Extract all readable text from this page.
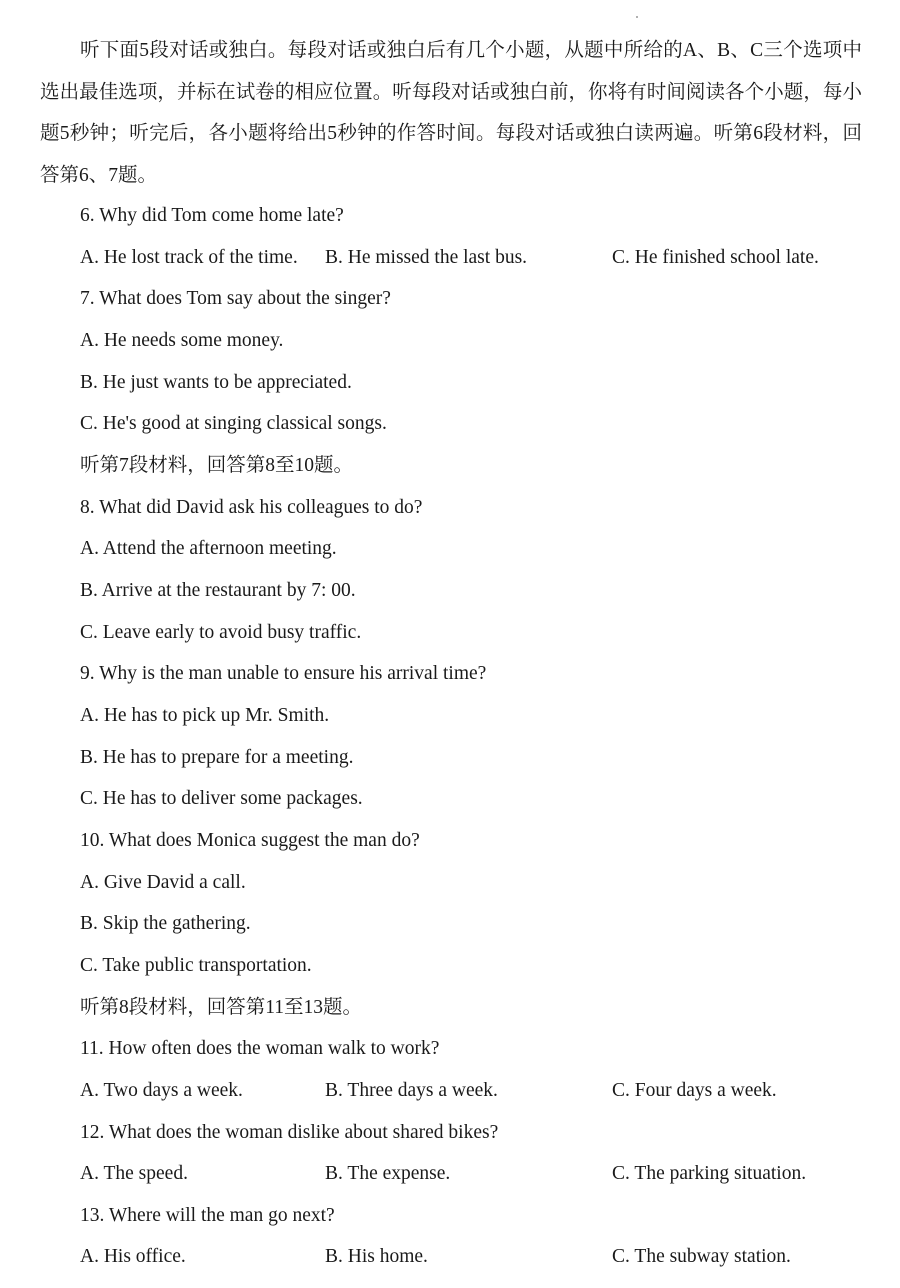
听下面5段对话或独白。每段对话或独白后有几个小题，从题中所给的A、B、C三个选项中选出最佳选项，并标在试卷的相应位置。听每段对话或独白前，你将有时间阅读各个小题，每小题5秒钟；听完后，各小题将给出5秒钟的作答时间。每段对话或独白读两遍。听第6段材料，回答第6、7题。

6. Why did Tom come home late?

A. He lost track of the time. B. He missed the last bus.	C. He finished school late.

7. What does Tom say about the singer?

A. He needs some money.

B. He just wants to be appreciated.

C. He's good at singing classical songs.

听第7段材料，回答第8至10题。

8. What did David ask his colleagues to do?

A. Attend the afternoon meeting.

B. Arrive at the restaurant by 7: 00.

C. Leave early to avoid busy traffic.

9. Why is the man unable to ensure his arrival time?

A. He has to pick up Mr. Smith.

B. He has to prepare for a meeting.

C. He has to deliver some packages.

10. What does Monica suggest the man do?

A. Give David a call.

B. Skip the gathering.

C. Take public transportation.

听第8段材料，回答第11至13题。

11. How often does the woman walk to work?

A. Two days a week.	B. Three days a week.	C. Four days a week.

12. What does the woman dislike about shared bikes?

A. The speed.	B. The expense.	C. The parking situation.

13. Where will the man go next?

A. His office.	B. His home.	C. The subway station.
